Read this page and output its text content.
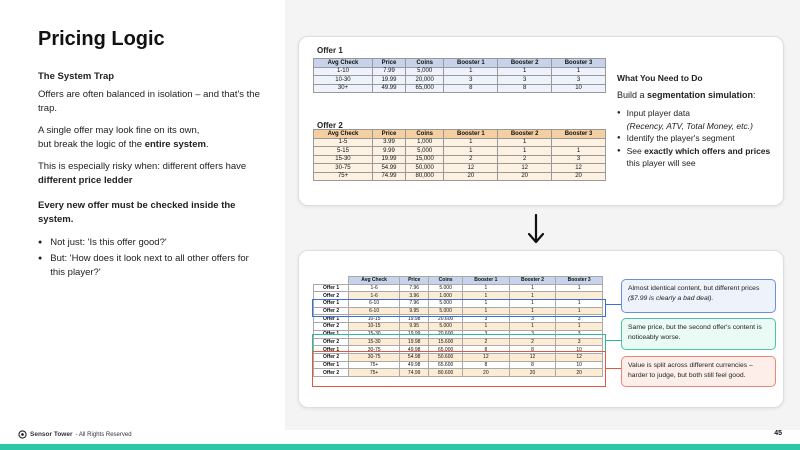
Pricing Logic
The System Trap
Offers are often balanced in isolation – and that's the trap.
A single offer may look fine on its own,
but break the logic of the entire system.
This is especially risky when: different offers have different price ledder
Every new offer must be checked inside the system.
● Not just: 'Is this offer good?'
● But: 'How does it look next to all other offers for this player?'
Offer 1
Avg Check	Price	Coins	Booster 1	Booster 2	Booster 3
1-10	7.99	5,000	1	1	1
10-30	19.99	20,000	3	3	3
30+	49.99	65,000	8	8	10
Offer 2
Avg Check	Price	Coins	Booster 1	Booster 2	Booster 3
1-5	3.99	1,000	1	1	
5-15	9.99	5,000	1	1	1
15-30	19.99	15,000	2	2	3
30-75	54.99	50,000	12	12	12
75+	74.99	80,000	20	20	20
What You Need to Do
Build a segmentation simulation:
● Input player data
(Recency, ATV, Total Money, etc.)
● Identify the player's segment
● See exactly which offers and prices this player will see
	Avg Check	Price	Coins	Booster 1	Booster 2	Booster 3
Offer 1	1-6	7.96	5.000	1	1	1
Offer 2	1-6	3.96	1.000	1	1	
Offer 1	6-10	7.96	5.000	1	1	1
Offer 2	6-10	9.95	5.000	1	1	1
Offer 1	10-15	19.98	20.600	3	3	3
Offer 2	10-15	9.95	5.000	1	1	1
Offer 1	15-30	19.99	20.600	3	3	3
Offer 2	15-30	19.98	15.600	2	2	3
Offer 1	30-75	49.98	65.000	8	8	10
Offer 2	30-75	54.98	50.600	12	12	12
Offer 1	75+	49.98	65.600	8	8	10
Offer 2	75+	74.99	80.600	20	20	20
Almost identical content, but different prices ($7.99 is clearly a bad deal).
Same price, but the second offer's content is noticeably worse.
Value is split across different currencies – harder to judge, but both still feel good.
Sensor Tower - All Rights Reserved	45
